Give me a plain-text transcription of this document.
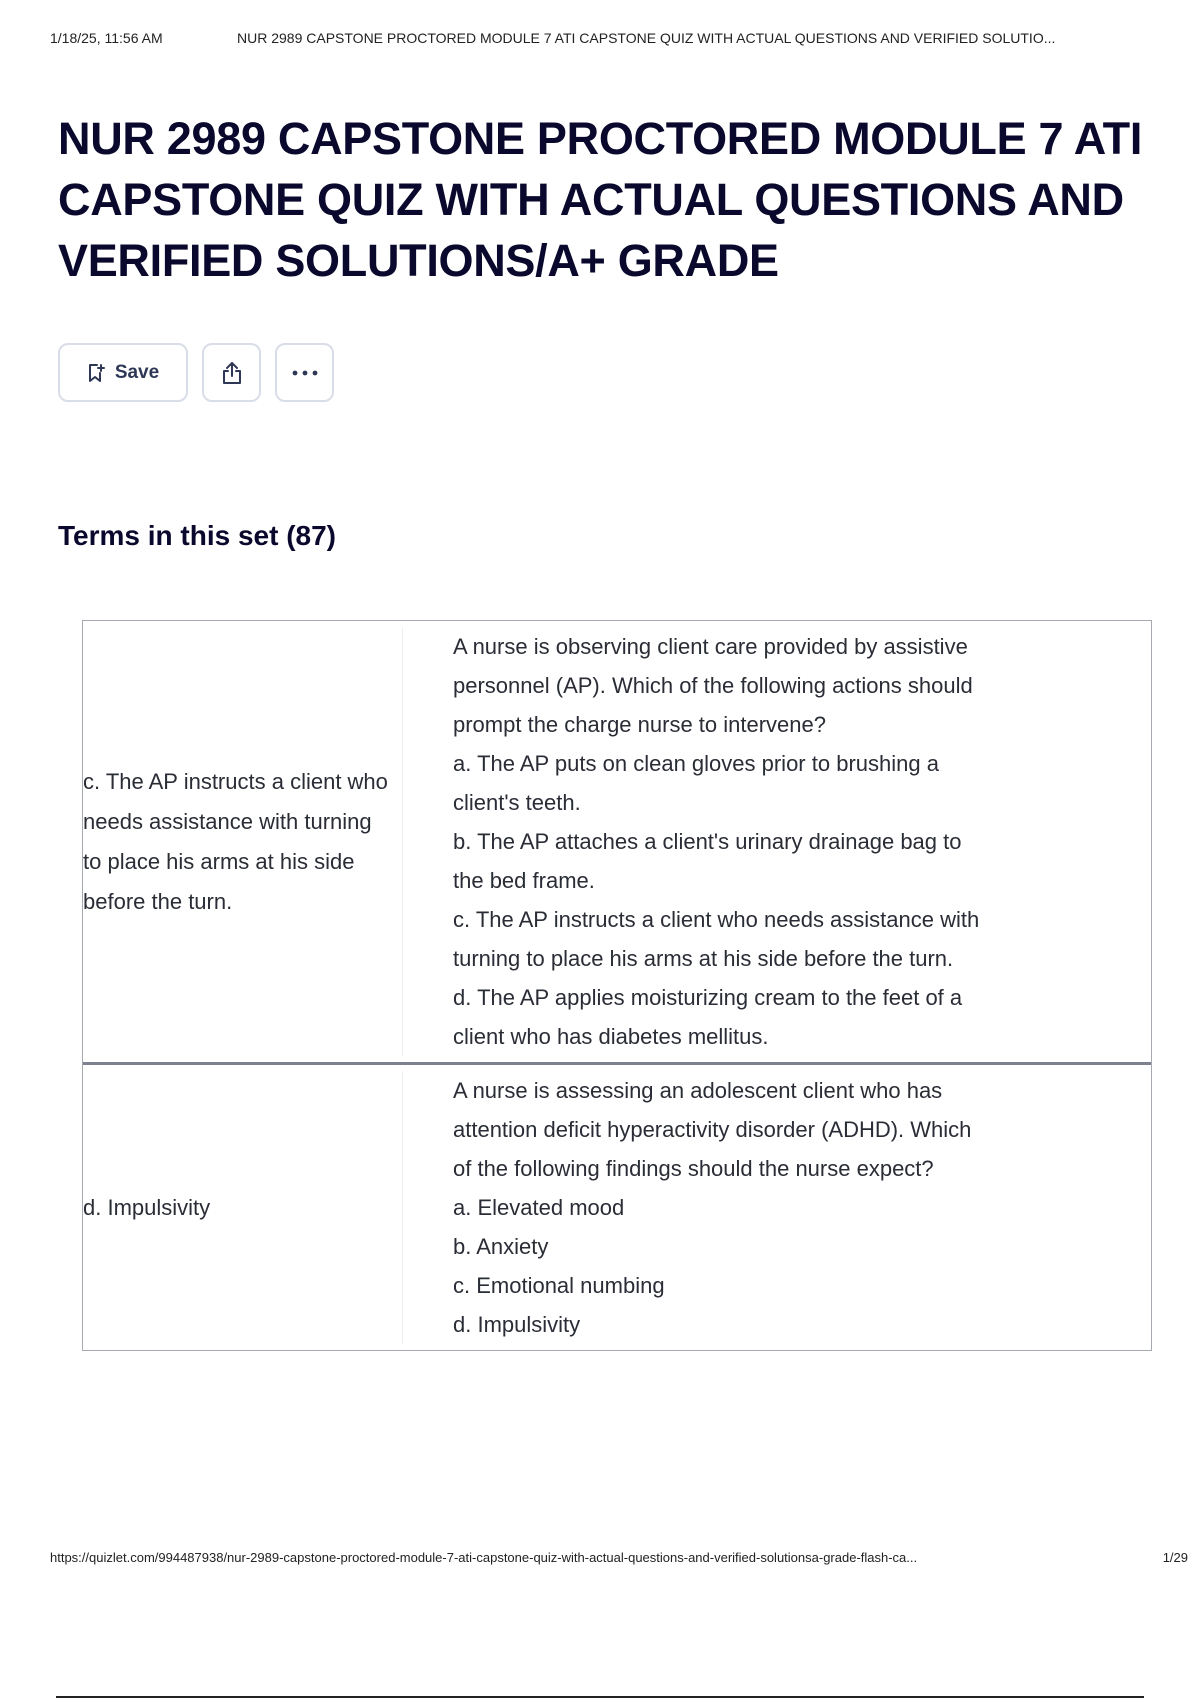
1/18/25, 11:56 AM	NUR 2989 CAPSTONE PROCTORED MODULE 7 ATI CAPSTONE QUIZ WITH ACTUAL QUESTIONS AND VERIFIED SOLUTIO...
NUR 2989 CAPSTONE PROCTORED MODULE 7 ATI CAPSTONE QUIZ WITH ACTUAL QUESTIONS AND VERIFIED SOLUTIONS/A+ GRADE
Save
Terms in this set (87)
c. The AP instructs a client who needs assistance with turning to place his arms at his side before the turn.
A nurse is observing client care provided by assistive
personnel (AP). Which of the following actions should
prompt the charge nurse to intervene?
a. The AP puts on clean gloves prior to brushing a
client's teeth.
b. The AP attaches a client's urinary drainage bag to
the bed frame.
c. The AP instructs a client who needs assistance with
turning to place his arms at his side before the turn.
d. The AP applies moisturizing cream to the feet of a
client who has diabetes mellitus.
d. Impulsivity
A nurse is assessing an adolescent client who has
attention deficit hyperactivity disorder (ADHD). Which
of the following findings should the nurse expect?
a. Elevated mood
b. Anxiety
c. Emotional numbing
d. Impulsivity
https://quizlet.com/994487938/nur-2989-capstone-proctored-module-7-ati-capstone-quiz-with-actual-questions-and-verified-solutionsa-grade-flash-ca...	1/29
